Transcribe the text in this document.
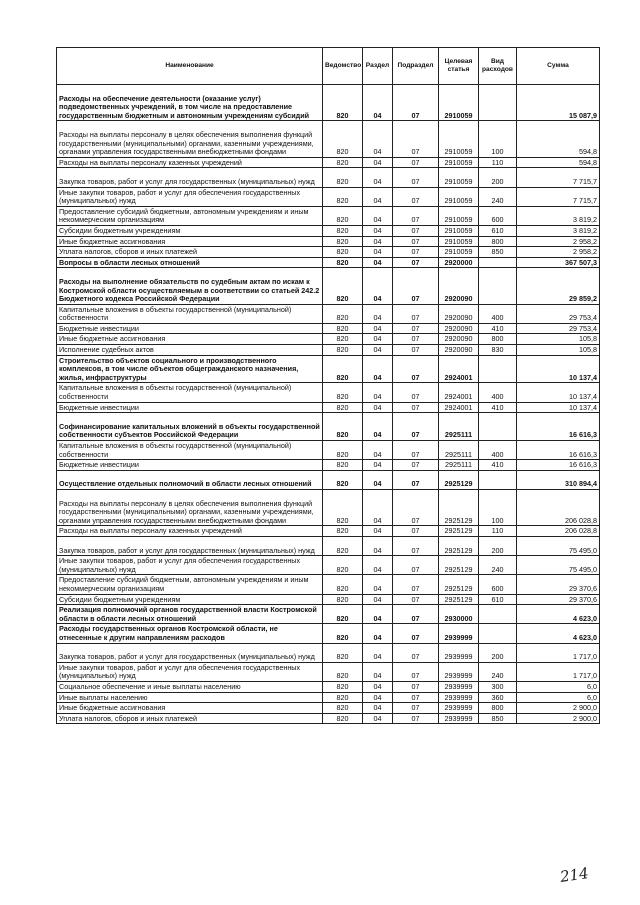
Наименование	Ведомство	Раздел	Подраздел	Целевая статья	Вид расходов	Сумма
Расходы на обеспечение деятельности (оказание услуг) подведомственных учреждений, в том числе на предоставление государственным бюджетным и автономным учреждениям субсидий	820	04	07	2910059		15 087,9
Расходы на выплаты персоналу в целях обеспечения выполнения функций государственными (муниципальными) органами, казенными учреждениями, органами управления государственными внебюджетными фондами	820	04	07	2910059	100	594,8
Расходы на выплаты персоналу казенных учреждений	820	04	07	2910059	110	594,8
Закупка товаров, работ и услуг для государственных (муниципальных) нужд	820	04	07	2910059	200	7 715,7
Иные закупки товаров, работ и услуг для обеспечения государственных (муниципальных) нужд	820	04	07	2910059	240	7 715,7
Предоставление субсидий бюджетным, автономным учреждениям и иным некоммерческим организациям	820	04	07	2910059	600	3 819,2
Субсидии бюджетным учреждениям	820	04	07	2910059	610	3 819,2
Иные бюджетные ассигнования	820	04	07	2910059	800	2 958,2
Уплата налогов, сборов и иных платежей	820	04	07	2910059	850	2 958,2
Вопросы в области лесных отношений	820	04	07	2920000		367 507,3
Расходы на выполнение обязательств по судебным актам по искам к Костромской области осуществляемым в соответствии со статьей 242.2 Бюджетного кодекса Российской Федерации	820	04	07	2920090		29 859,2
Капитальные вложения в объекты государственной (муниципальной) собственности	820	04	07	2920090	400	29 753,4
Бюджетные инвестиции	820	04	07	2920090	410	29 753,4
Иные бюджетные ассигнования	820	04	07	2920090	800	105,8
Исполнение судебных актов	820	04	07	2920090	830	105,8
Строительство объектов социального и производственного комплексов, в том числе объектов общегражданского назначения, жилья, инфраструктуры	820	04	07	2924001		10 137,4
Капитальные вложения в объекты государственной (муниципальной) собственности	820	04	07	2924001	400	10 137,4
Бюджетные инвестиции	820	04	07	2924001	410	10 137,4
Софинансирование капитальных вложений в объекты государственной собственности субъектов Российской Федерации	820	04	07	2925111		16 616,3
Капитальные вложения в объекты государственной (муниципальной) собственности	820	04	07	2925111	400	16 616,3
Бюджетные инвестиции	820	04	07	2925111	410	16 616,3
Осуществление отдельных полномочий в области лесных отношений	820	04	07	2925129		310 894,4
Расходы на выплаты персоналу в целях обеспечения выполнения функций государственными (муниципальными) органами, казенными учреждениями, органами управления государственными внебюджетными фондами	820	04	07	2925129	100	206 028,8
Расходы на выплаты персоналу казенных учреждений	820	04	07	2925129	110	206 028,8
Закупка товаров, работ и услуг для государственных (муниципальных) нужд	820	04	07	2925129	200	75 495,0
Иные закупки товаров, работ и услуг для обеспечения государственных (муниципальных) нужд	820	04	07	2925129	240	75 495,0
Предоставление субсидий бюджетным, автономным учреждениям и иным некоммерческим организациям	820	04	07	2925129	600	29 370,6
Субсидии бюджетным учреждениям	820	04	07	2925129	610	29 370,6
Реализация полномочий органов государственной власти Костромской области в области лесных отношений	820	04	07	2930000		4 623,0
Расходы государственных органов Костромской области, не отнесенные к другим направлениям расходов	820	04	07	2939999		4 623,0
Закупка товаров, работ и услуг для государственных (муниципальных) нужд	820	04	07	2939999	200	1 717,0
Иные закупки товаров, работ и услуг для обеспечения государственных (муниципальных) нужд	820	04	07	2939999	240	1 717,0
Социальное обеспечение и иные выплаты населению	820	04	07	2939999	300	6,0
Иные выплаты населению	820	04	07	2939999	360	6,0
Иные бюджетные ассигнования	820	04	07	2939999	800	2 900,0
Уплата налогов, сборов и иных платежей	820	04	07	2939999	850	2 900,0
214
